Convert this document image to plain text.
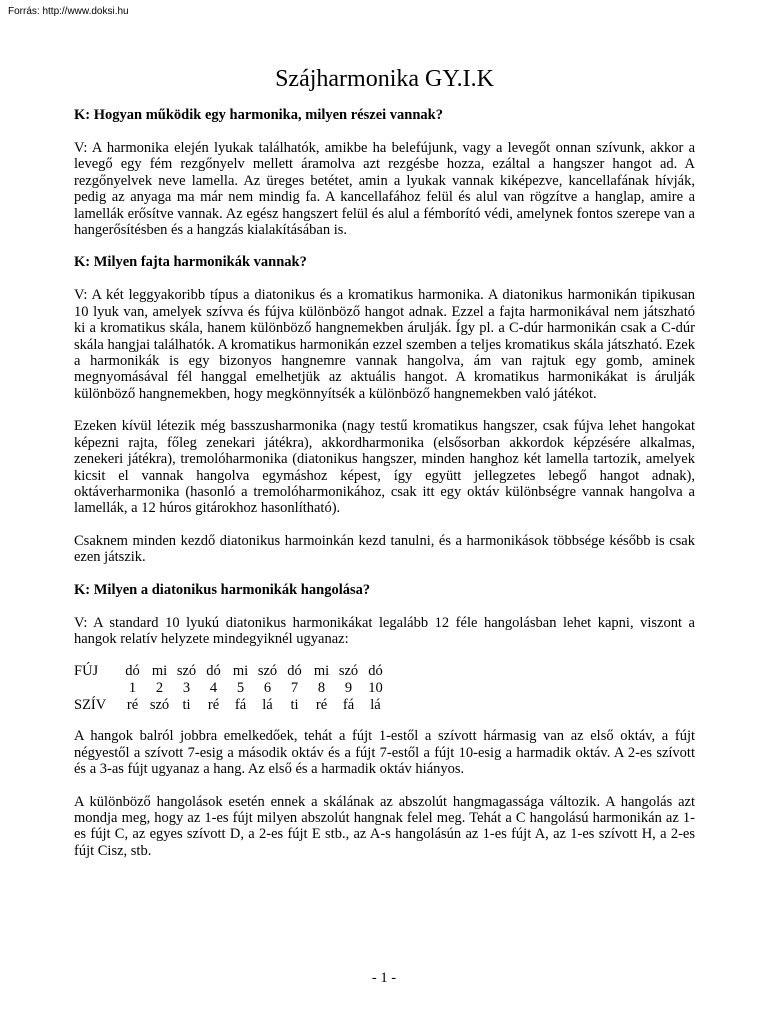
Forrás: http://www.doksi.hu
Szájharmonika GY.I.K
K: Hogyan működik egy harmonika, milyen részei vannak?
V: A harmonika elején lyukak találhatók, amikbe ha belefújunk, vagy a levegőt onnan szívunk, akkor a levegő egy fém rezgőnyelv mellett áramolva azt rezgésbe hozza, ezáltal a hangszer hangot ad. A rezgőnyelvek neve lamella. Az üreges betétet, amin a lyukak vannak kiképezve, kancellafának hívják, pedig az anyaga ma már nem mindig fa. A kancellafához felül és alul van rögzítve a hanglap, amire a lamellák erősítve vannak. Az egész hangszert felül és alul a fémborító védi, amelynek fontos szerepe van a hangerősítésben és a hangzás kialakításában is.
K: Milyen fajta harmonikák vannak?
V: A két leggyakoribb típus a diatonikus és a kromatikus harmonika. A diatonikus harmonikán tipikusan 10 lyuk van, amelyek szívva és fújva különböző hangot adnak. Ezzel a fajta harmonikával nem játszható ki a kromatikus skála, hanem különböző hangnemekben árulják. Így pl. a C-dúr harmonikán csak a C-dúr skála hangjai találhatók. A kromatikus harmonikán ezzel szemben a teljes kromatikus skála játszható. Ezek a harmonikák is egy bizonyos hangnemre vannak hangolva, ám van rajtuk egy gomb, aminek megnyomásával fél hanggal emelhetjük az aktuális hangot. A kromatikus harmonikákat is árulják különböző hangnemekben, hogy megkönnyítsék a különböző hangnemekben való játékot.
Ezeken kívül létezik még basszusharmonika (nagy testű kromatikus hangszer, csak fújva lehet hangokat képezni rajta, főleg zenekari játékra), akkordharmonika (elsősorban akkordok képzésére alkalmas, zenekeri játékra), tremolóharmonika (diatonikus hangszer, minden hanghoz két lamella tartozik, amelyek kicsit el vannak hangolva egymáshoz képest, így együtt jellegzetes lebegő hangot adnak), oktáverharmonika (hasonló a tremolóharmonikához, csak itt egy oktáv különbségre vannak hangolva a lamellák, a 12 húros gitárokhoz hasonlítható).
Csaknem minden kezdő diatonikus harmoinkán kezd tanulni, és a harmonikások többsége később is csak ezen játszik.
K: Milyen a diatonikus harmonikák hangolása?
V: A standard 10 lyukú diatonikus harmonikákat legalább 12 féle hangolásban lehet kapni, viszont a hangok relatív helyzete mindegyiknél ugyanaz:
FÚJ	dó	mi	szó	dó	mi	szó	dó	mi	szó	dó
	1	2	3	4	5	6	7	8	9	10
SZÍV	ré	szó	ti	ré	fá	lá	ti	ré	fá	lá
A hangok balról jobbra emelkedőek, tehát a fújt 1-estől a szívott hármasig van az első oktáv, a fújt négyestől a szívott 7-esig a második oktáv és a fújt 7-estől a fújt 10-esig a harmadik oktáv. A 2-es szívott és a 3-as fújt ugyanaz a hang. Az első és a harmadik oktáv hiányos.
A különböző hangolások esetén ennek a skálának az abszolút hangmagassága változik. A hangolás azt mondja meg, hogy az 1-es fújt milyen abszolút hangnak felel meg. Tehát a C hangolású harmonikán az 1-es fújt C, az egyes szívott D, a 2-es fújt E stb., az A-s hangolásún az 1-es fújt A, az 1-es szívott H, a 2-es fújt Cisz, stb.
- 1 -
